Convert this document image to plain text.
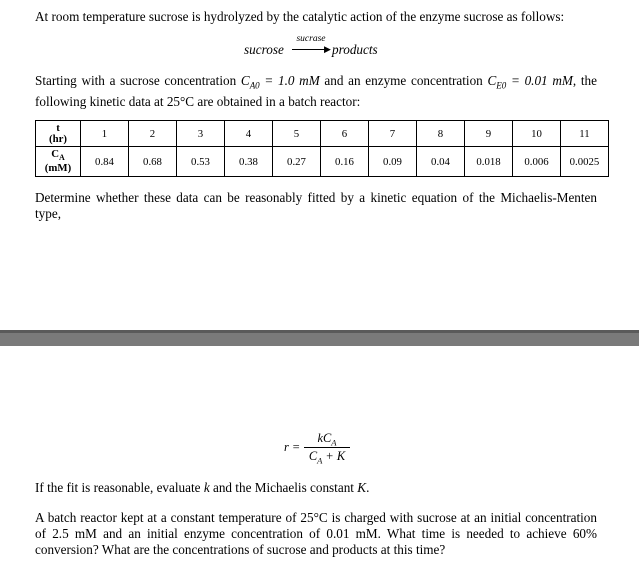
At room temperature sucrose is hydrolyzed by the catalytic action of the enzyme sucrose as follows:
sucrose
sucrase
▶ products
Starting with a sucrose concentration $C_{A0} = 1.0$ mM and an enzyme concentration $C_{E0} = 0.01$ mM, the following kinetic data at 25°C are obtained in a batch reactor:
t
(hr)	1	2	3	4	5	6	7	8	9	10	11
$C_A$
(mM)	0.84	0.68	0.53	0.38	0.27	0.16	0.09	0.04	0.018	0.006	0.0025
Determine whether these data can be reasonably fitted by a kinetic equation of the Michaelis-Menten type,
r =
$kC_A$
$C_A + K$
If the fit is reasonable, evaluate k and the Michaelis constant K.
A batch reactor kept at a constant temperature of 25°C is charged with sucrose at an initial concentration of 2.5 mM and an initial enzyme concentration of 0.01 mM. What time is needed to achieve 60% conversion? What are the concentrations of sucrose and products at this time?
